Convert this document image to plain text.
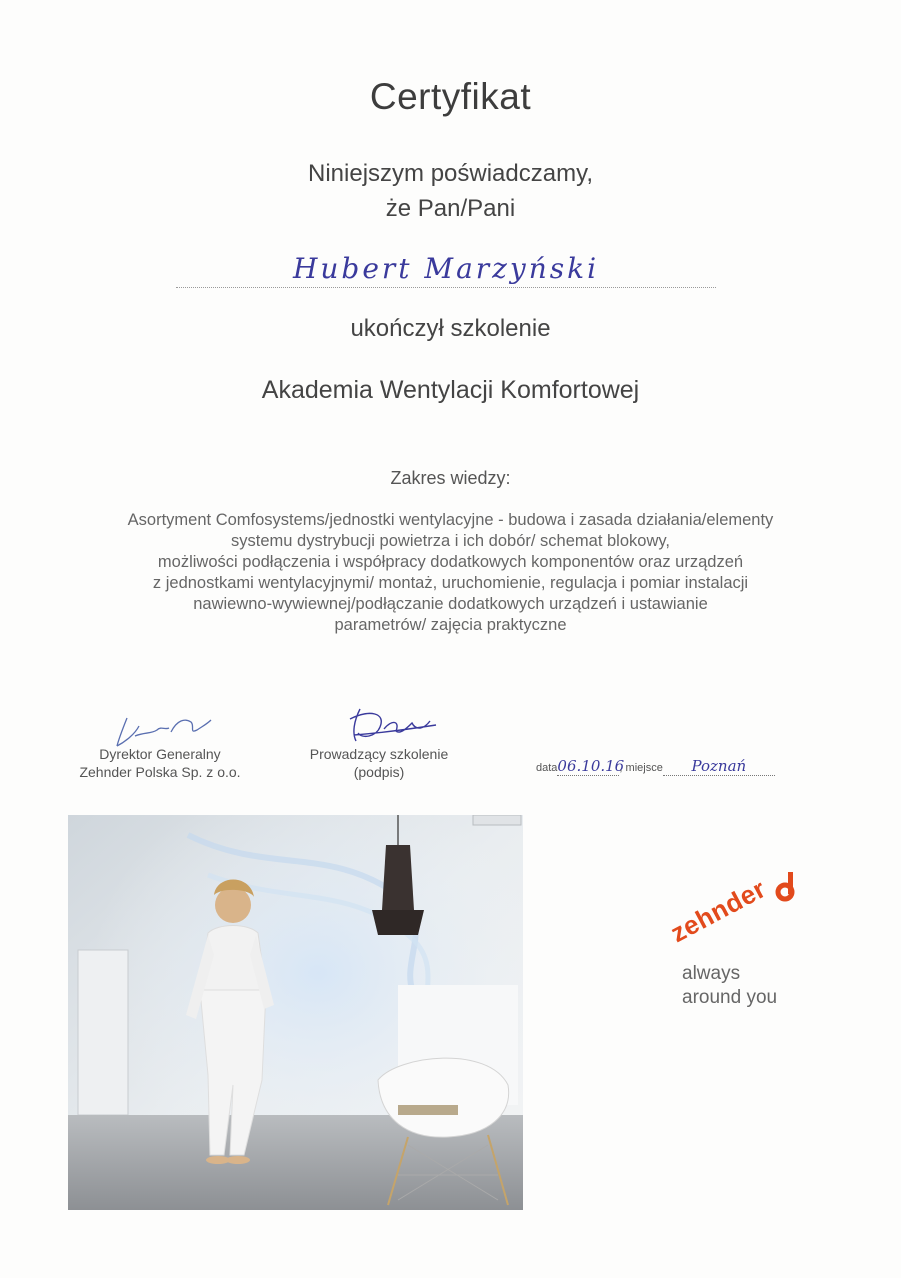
Certyfikat
Niniejszym poświadczamy,
że Pan/Pani
Hubert Marzyński
ukończył szkolenie
Akademia Wentylacji Komfortowej
Zakres wiedzy:
Asortyment Comfosystems/jednostki wentylacyjne - budowa i zasada działania/elementy
systemu dystrybucji powietrza i ich dobór/ schemat blokowy,
możliwości podłączenia i współpracy dodatkowych komponentów oraz urządzeń
z jednostkami wentylacyjnymi/ montaż, uruchomienie, regulacja i pomiar instalacji
nawiewno-wywiewnej/podłączanie dodatkowych urządzeń i ustawianie
parametrów/ zajęcia praktyczne
Dyrektor Generalny
Zehnder Polska Sp. z o.o.
Prowadzący szkolenie
(podpis)	data06.10.16, miejsce Poznań
zehnder
always
around you
